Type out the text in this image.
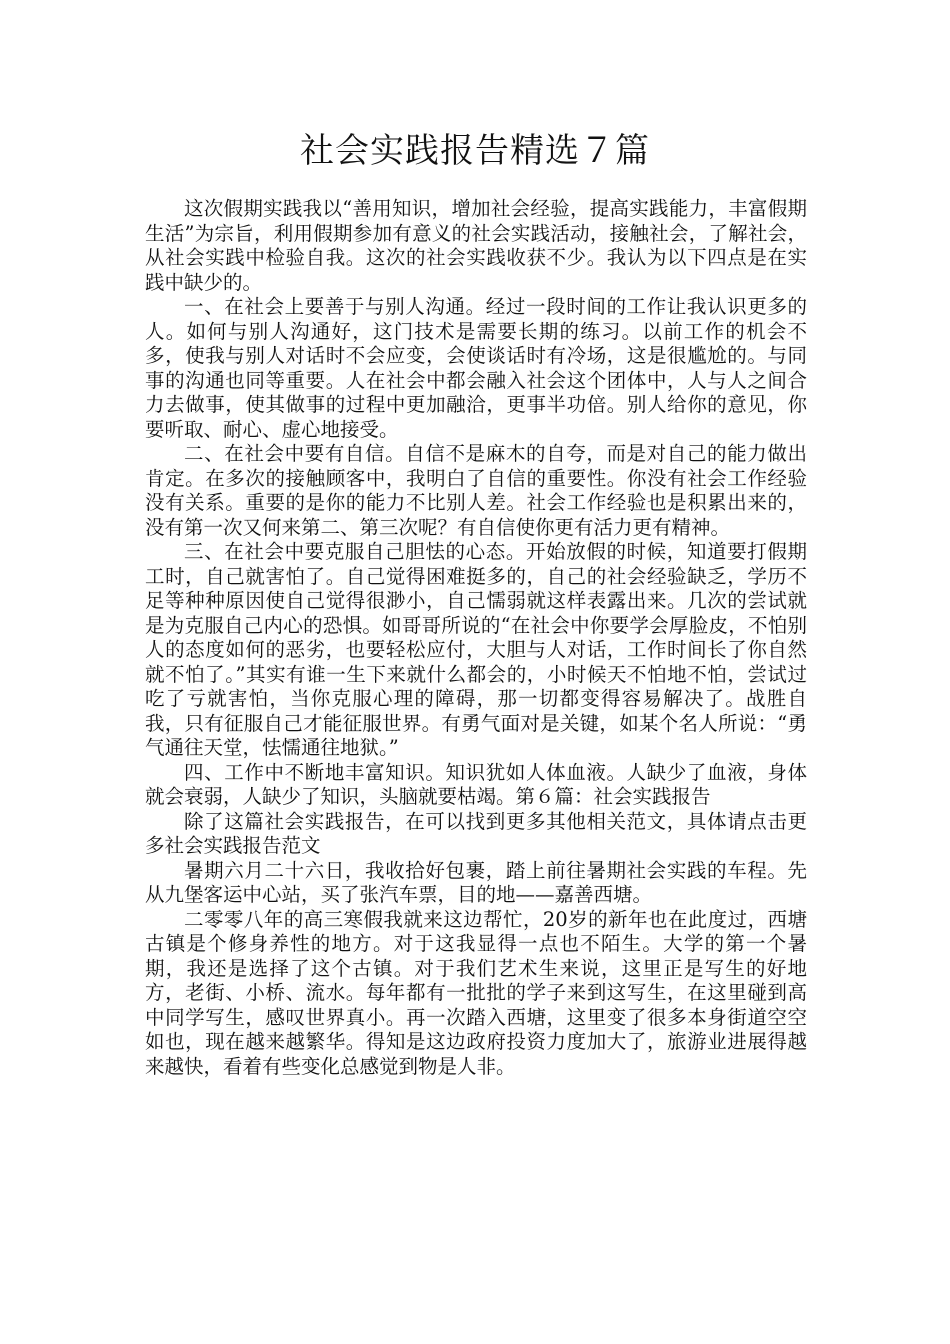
社会实践报告精选７篇

这次假期实践我以“善用知识，增加社会经验，提高实践能力，丰富假期生活”为宗旨，利用假期参加有意义的社会实践活动，接触社会，了解社会，从社会实践中检验自我。这次的社会实践收获不少。我认为以下四点是在实践中缺少的。

一、在社会上要善于与别人沟通。经过一段时间的工作让我认识更多的人。如何与别人沟通好，这门技术是需要长期的练习。以前工作的机会不多，使我与别人对话时不会应变，会使谈话时有冷场，这是很尴尬的。与同事的沟通也同等重要。人在社会中都会融入社会这个团体中，人与人之间合力去做事，使其做事的过程中更加融洽，更事半功倍。别人给你的意见，你要听取、耐心、虚心地接受。

二、在社会中要有自信。自信不是麻木的自夸，而是对自己的能力做出肯定。在多次的接触顾客中，我明白了自信的重要性。你没有社会工作经验没有关系。重要的是你的能力不比别人差。社会工作经验也是积累出来的，没有第一次又何来第二、第三次呢？有自信使你更有活力更有精神。

三、在社会中要克服自己胆怯的心态。开始放假的时候，知道要打假期工时，自己就害怕了。自己觉得困难挺多的，自己的社会经验缺乏，学历不足等种种原因使自己觉得很渺小，自己懦弱就这样表露出来。几次的尝试就是为克服自己内心的恐惧。如哥哥所说的“在社会中你要学会厚脸皮，不怕别人的态度如何的恶劣，也要轻松应付，大胆与人对话，工作时间长了你自然就不怕了。”其实有谁一生下来就什么都会的，小时候天不怕地不怕，尝试过吃了亏就害怕，当你克服心理的障碍，那一切都变得容易解决了。战胜自我，只有征服自己才能征服世界。有勇气面对是关键，如某个名人所说：“勇气通往天堂，怯懦通往地狱。”

四、工作中不断地丰富知识。知识犹如人体血液。人缺少了血液，身体就会衰弱，人缺少了知识，头脑就要枯竭。第６篇：社会实践报告

除了这篇社会实践报告，在可以找到更多其他相关范文，具体请点击更多社会实践报告范文

暑期六月二十六日，我收拾好包裹，踏上前往暑期社会实践的车程。先从九堡客运中心站，买了张汽车票，目的地——嘉善西塘。

二零零八年的高三寒假我就来这边帮忙，20岁的新年也在此度过，西塘古镇是个修身养性的地方。对于这我显得一点也不陌生。大学的第一个暑期，我还是选择了这个古镇。对于我们艺术生来说，这里正是写生的好地方，老街、小桥、流水。每年都有一批批的学子来到这写生，在这里碰到高中同学写生，感叹世界真小。再一次踏入西塘，这里变了很多本身街道空空如也，现在越来越繁华。得知是这边政府投资力度加大了，旅游业进展得越来越快，看着有些变化总感觉到物是人非。
